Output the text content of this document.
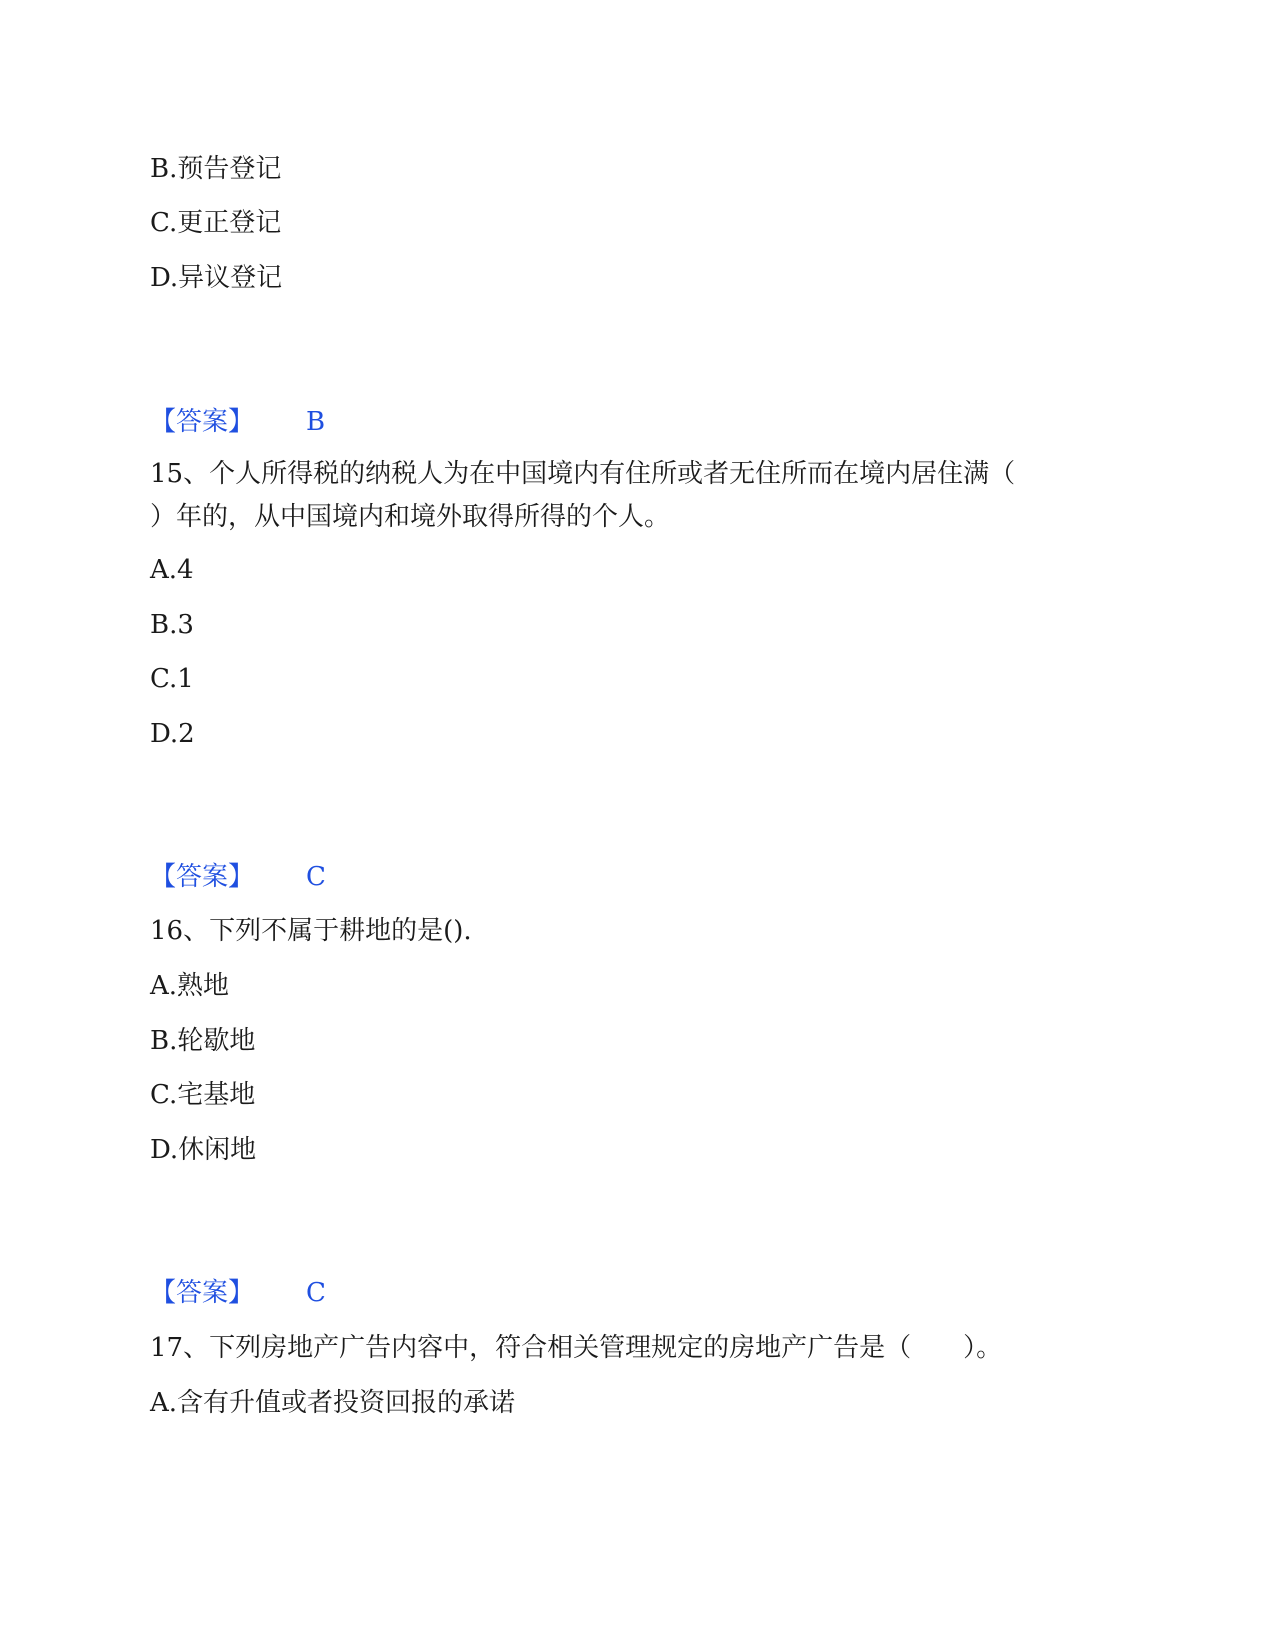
B.预告登记

C.更正登记

D.异议登记

【答案】 B

15、个人所得税的纳税人为在中国境内有住所或者无住所而在境内居住满（

）年的，从中国境内和境外取得所得的个人。

A.4

B.3

C.1

D.2

【答案】 C

16、下列不属于耕地的是().

A.熟地

B.轮歇地

C.宅基地

D.休闲地

【答案】 C

17、下列房地产广告内容中，符合相关管理规定的房地产广告是（　　）。

A.含有升值或者投资回报的承诺
